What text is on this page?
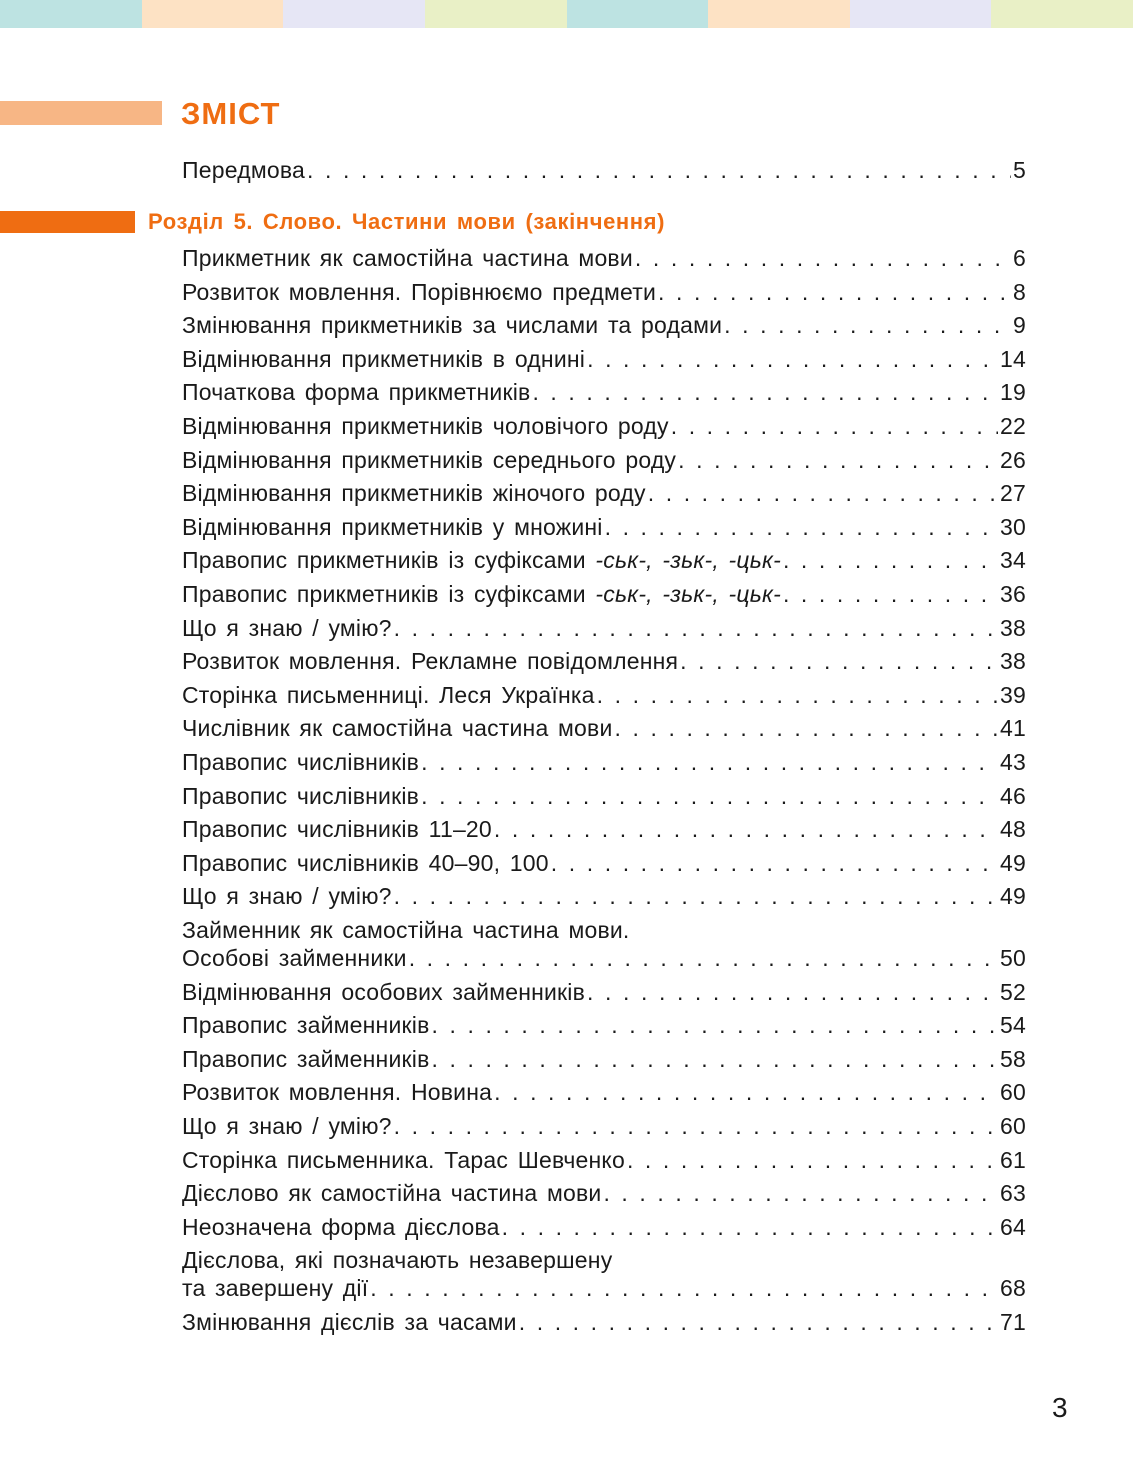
ЗМІСТ
Передмова . . .	5
Розділ 5. Слово. Частини мови (закінчення)
Прикметник як самостійна частина мови . . .	6
Розвиток мовлення. Порівнюємо предмети . . .	8
Змінювання прикметників за числами та родами . . .	9
Відмінювання прикметників в однині . . .	14
Початкова форма прикметників . . .	19
Відмінювання прикметників чоловічого роду . . .	22
Відмінювання прикметників середнього роду . . .	26
Відмінювання прикметників жіночого роду . . .	27
Відмінювання прикметників у множині . . .	30
Правопис прикметників із суфіксами -ськ-, -зьк-, -цьк- . . .	34
Правопис прикметників із суфіксами -ськ-, -зьк-, -цьк- . . .	36
Що я знаю / умію? . . .	38
Розвиток мовлення. Рекламне повідомлення . . .	38
Сторінка письменниці. Леся Українка . . .	39
Числівник як самостійна частина мови . . .	41
Правопис числівників . . .	43
Правопис числівників . . .	46
Правопис числівників 11–20 . . .	48
Правопис числівників 40–90, 100 . . .	49
Що я знаю / умію? . . .	49
Займенник як самостійна частина мови.
Особові займенники . . .	50
Відмінювання особових займенників . . .	52
Правопис займенників . . .	54
Правопис займенників . . .	58
Розвиток мовлення. Новина . . .	60
Що я знаю / умію? . . .	60
Сторінка письменника. Тарас Шевченко . . .	61
Дієслово як самостійна частина мови . . .	63
Неозначена форма дієслова . . .	64
Дієслова, які позначають незавершену
та завершену дії . . .	68
Змінювання дієслів за часами . . .	71
3
